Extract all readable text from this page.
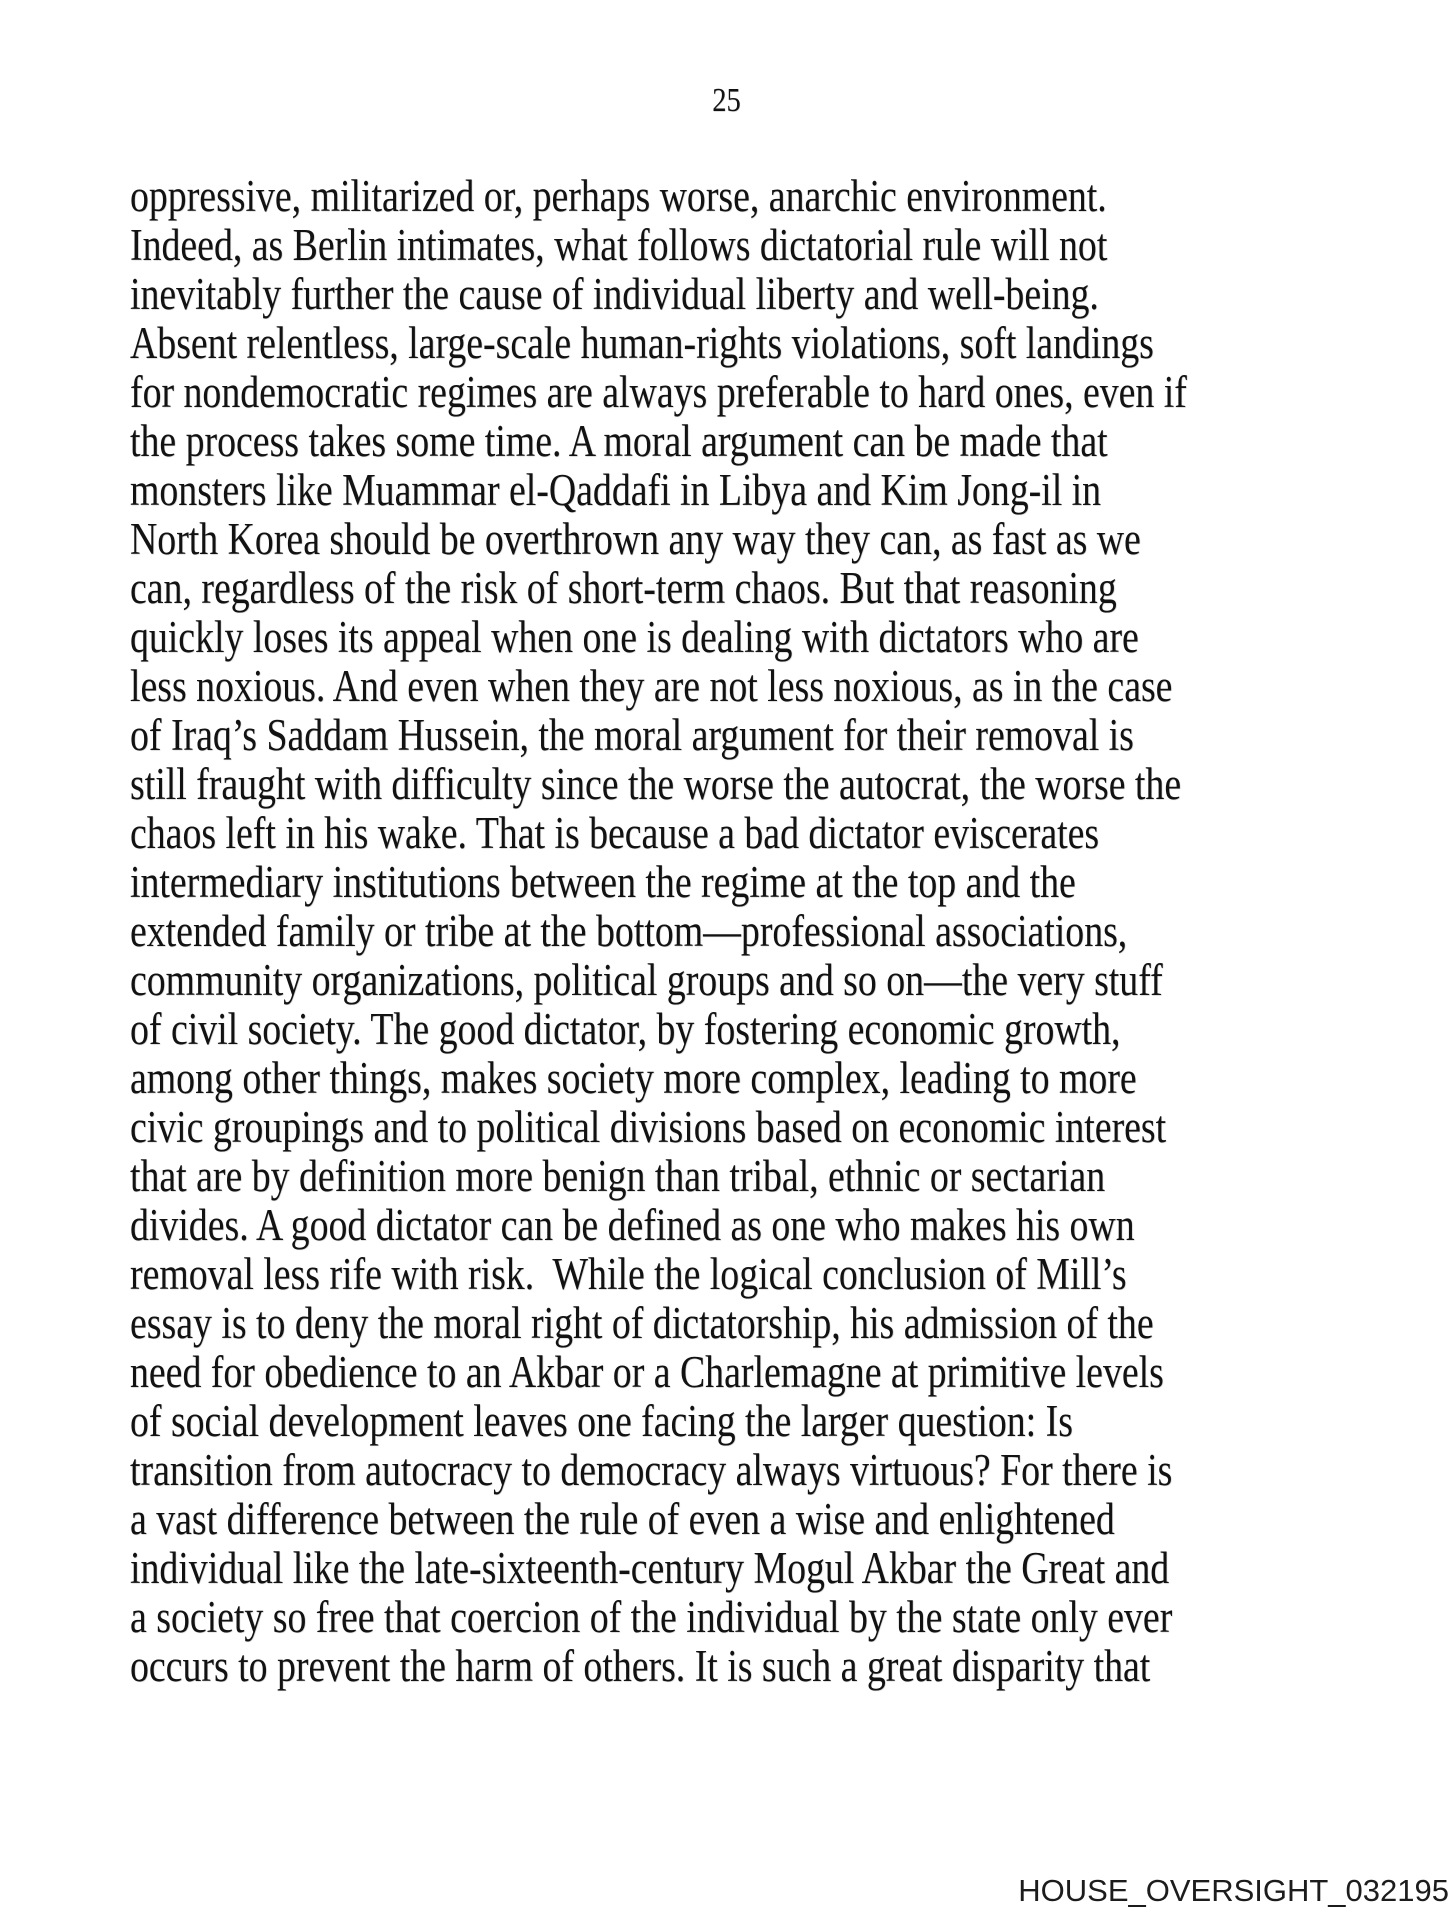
25
oppressive, militarized or, perhaps worse, anarchic environment.
Indeed, as Berlin intimates, what follows dictatorial rule will not
inevitably further the cause of individual liberty and well-being.
Absent relentless, large-scale human-rights violations, soft landings
for nondemocratic regimes are always preferable to hard ones, even if
the process takes some time. A moral argument can be made that
monsters like Muammar el-Qaddafi in Libya and Kim Jong-il in
North Korea should be overthrown any way they can, as fast as we
can, regardless of the risk of short-term chaos. But that reasoning
quickly loses its appeal when one is dealing with dictators who are
less noxious. And even when they are not less noxious, as in the case
of Iraq’s Saddam Hussein, the moral argument for their removal is
still fraught with difficulty since the worse the autocrat, the worse the
chaos left in his wake. That is because a bad dictator eviscerates
intermediary institutions between the regime at the top and the
extended family or tribe at the bottom—professional associations,
community organizations, political groups and so on—the very stuff
of civil society. The good dictator, by fostering economic growth,
among other things, makes society more complex, leading to more
civic groupings and to political divisions based on economic interest
that are by definition more benign than tribal, ethnic or sectarian
divides. A good dictator can be defined as one who makes his own
removal less rife with risk.  While the logical conclusion of Mill’s
essay is to deny the moral right of dictatorship, his admission of the
need for obedience to an Akbar or a Charlemagne at primitive levels
of social development leaves one facing the larger question: Is
transition from autocracy to democracy always virtuous? For there is
a vast difference between the rule of even a wise and enlightened
individual like the late-sixteenth-century Mogul Akbar the Great and
a society so free that coercion of the individual by the state only ever
occurs to prevent the harm of others. It is such a great disparity that
HOUSE_OVERSIGHT_032195
